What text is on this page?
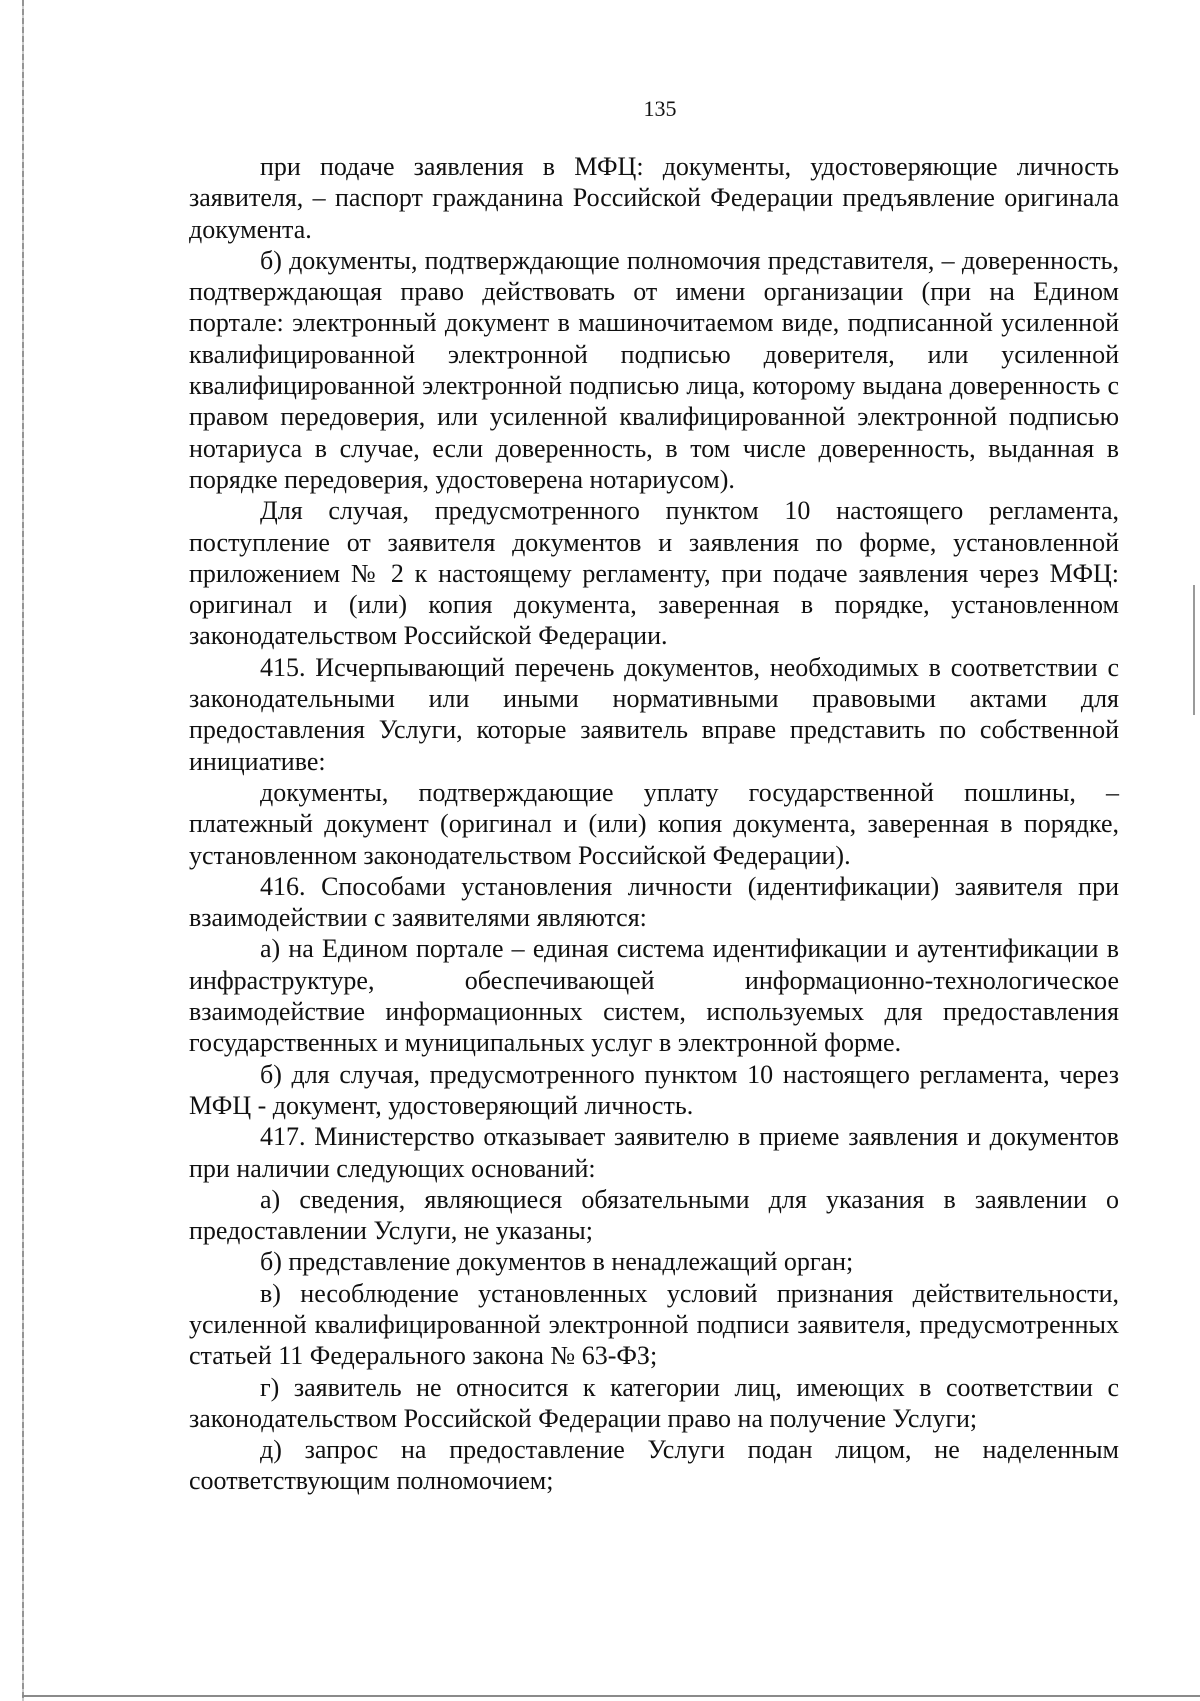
135

при подаче заявления в МФЦ: документы, удостоверяющие личность заявителя, – паспорт гражданина Российской Федерации предъявление оригинала документа.

б) документы, подтверждающие полномочия представителя, – доверенность, подтверждающая право действовать от имени организации (при на Едином портале: электронный документ в машиночитаемом виде, подписанной усиленной квалифицированной электронной подписью доверителя, или усиленной квалифицированной электронной подписью лица, которому выдана доверенность с правом передоверия, или усиленной квалифицированной электронной подписью нотариуса в случае, если доверенность, в том числе доверенность, выданная в порядке передоверия, удостоверена нотариусом).

Для случая, предусмотренного пунктом 10 настоящего регламента, поступление от заявителя документов и заявления по форме, установленной приложением № 2 к настоящему регламенту, при подаче заявления через МФЦ: оригинал и (или) копия документа, заверенная в порядке, установленном законодательством Российской Федерации.

415. Исчерпывающий перечень документов, необходимых в соответствии с законодательными или иными нормативными правовыми актами для предоставления Услуги, которые заявитель вправе представить по собственной инициативе:

документы, подтверждающие уплату государственной пошлины, – платежный документ (оригинал и (или) копия документа, заверенная в порядке, установленном законодательством Российской Федерации).

416. Способами установления личности (идентификации) заявителя при взаимодействии с заявителями являются:

а) на Едином портале – единая система идентификации и аутентификации в инфраструктуре, обеспечивающей информационно-технологическое взаимодействие информационных систем, используемых для предоставления государственных и муниципальных услуг в электронной форме.

б) для случая, предусмотренного пунктом 10 настоящего регламента, через МФЦ - документ, удостоверяющий личность.

417. Министерство отказывает заявителю в приеме заявления и документов при наличии следующих оснований:

а) сведения, являющиеся обязательными для указания в заявлении о предоставлении Услуги, не указаны;

б) представление документов в ненадлежащий орган;

в) несоблюдение установленных условий признания действительности, усиленной квалифицированной электронной подписи заявителя, предусмотренных статьей 11 Федерального закона № 63-ФЗ;

г) заявитель не относится к категории лиц, имеющих в соответствии с законодательством Российской Федерации право на получение Услуги;

д) запрос на предоставление Услуги подан лицом, не наделенным соответствующим полномочием;
